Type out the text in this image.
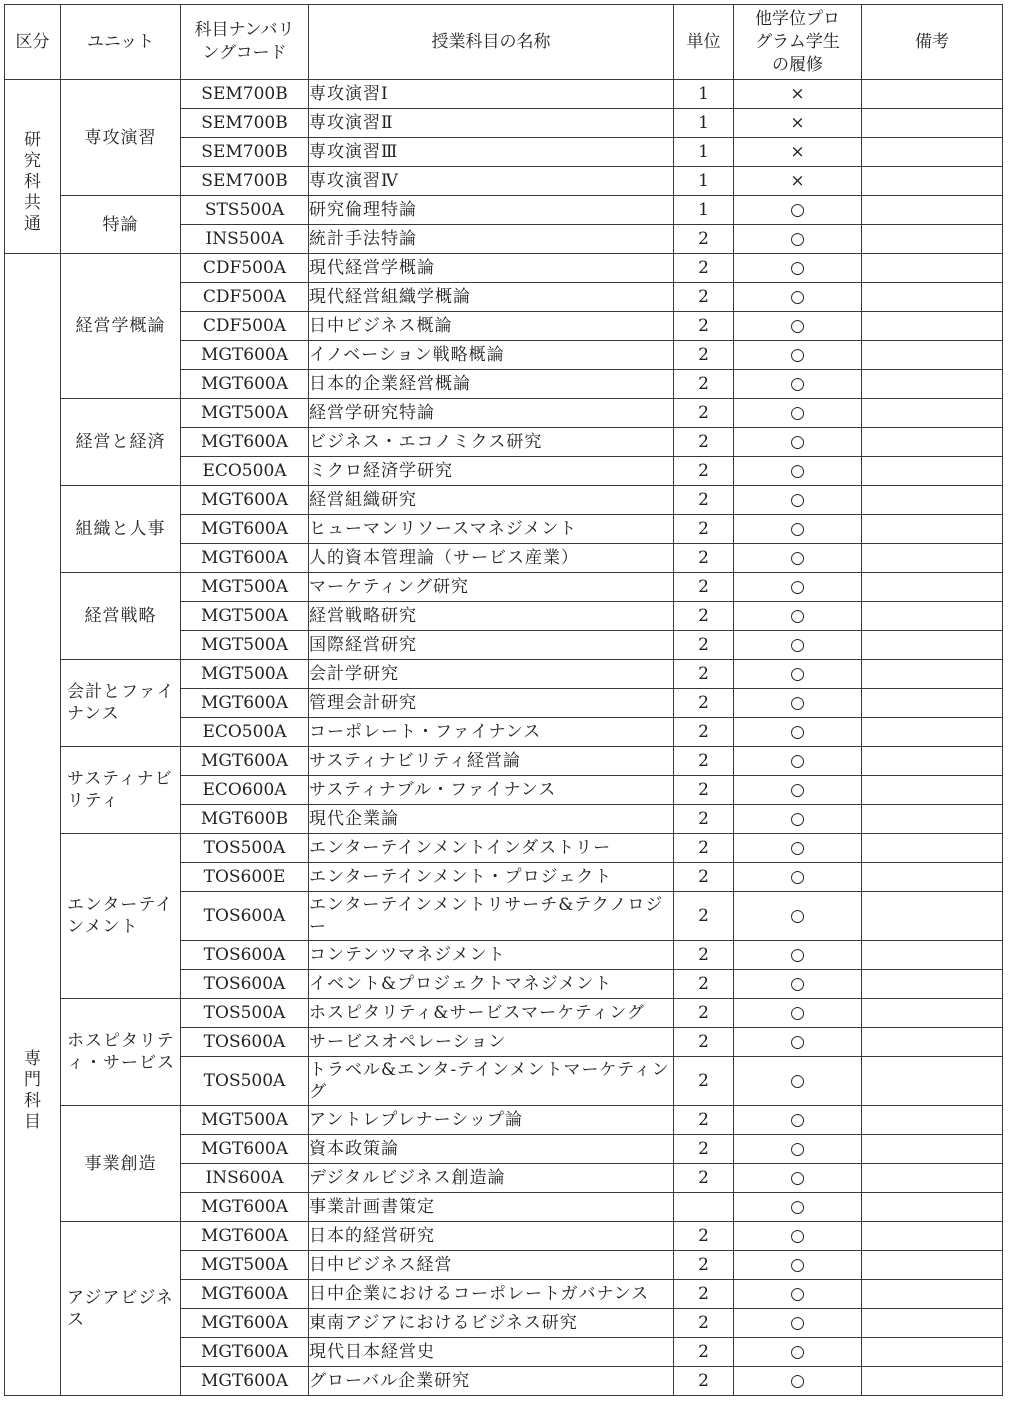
区分	ユニット	科目ナンバリングコード	授業科目の名称	単位	他学位プログラム学生の履修	備考
研究科共通	専攻演習	SEM700B	専攻演習Ⅰ	1	×	
		SEM700B	専攻演習Ⅱ	1	×	
		SEM700B	専攻演習Ⅲ	1	×	
		SEM700B	専攻演習Ⅳ	1	×	
	特論	STS500A	研究倫理特論	1	○	
		INS500A	統計手法特論	2	○	
専門科目	経営学概論	CDF500A	現代経営学概論	2	○	
		CDF500A	現代経営組織学概論	2	○	
		CDF500A	日中ビジネス概論	2	○	
		MGT600A	イノベーション戦略概論	2	○	
		MGT600A	日本的企業経営概論	2	○	
	経営と経済	MGT500A	経営学研究特論	2	○	
		MGT600A	ビジネス・エコノミクス研究	2	○	
		ECO500A	ミクロ経済学研究	2	○	
	組織と人事	MGT600A	経営組織研究	2	○	
		MGT600A	ヒューマンリソースマネジメント	2	○	
		MGT600A	人的資本管理論（サービス産業）	2	○	
	経営戦略	MGT500A	マーケティング研究	2	○	
		MGT500A	経営戦略研究	2	○	
		MGT500A	国際経営研究	2	○	
	会計とファイナンス	MGT500A	会計学研究	2	○	
		MGT600A	管理会計研究	2	○	
		ECO500A	コーポレート・ファイナンス	2	○	
	サスティナビリティ	MGT600A	サスティナビリティ経営論	2	○	
		ECO600A	サスティナブル・ファイナンス	2	○	
		MGT600B	現代企業論	2	○	
	エンターテインメント	TOS500A	エンターテインメントインダストリー	2	○	
		TOS600E	エンターテインメント・プロジェクト	2	○	
		TOS600A	エンターテインメントリサーチ&テクノロジー	2	○	
		TOS600A	コンテンツマネジメント	2	○	
		TOS600A	イベント&プロジェクトマネジメント	2	○	
	ホスピタリティ・サービス	TOS500A	ホスピタリティ&サービスマーケティング	2	○	
		TOS600A	サービスオペレーション	2	○	
		TOS500A	トラベル&エンタ-テインメントマーケティング	2	○	
	事業創造	MGT500A	アントレプレナーシップ論	2	○	
		MGT600A	資本政策論	2	○	
		INS600A	デジタルビジネス創造論	2	○	
		MGT600A	事業計画書策定		○	
	アジアビジネス	MGT600A	日本的経営研究	2	○	
		MGT500A	日中ビジネス経営	2	○	
		MGT600A	日中企業におけるコーポレートガバナンス	2	○	
		MGT600A	東南アジアにおけるビジネス研究	2	○	
		MGT600A	現代日本経営史	2	○	
		MGT600A	グローバル企業研究	2	○	
